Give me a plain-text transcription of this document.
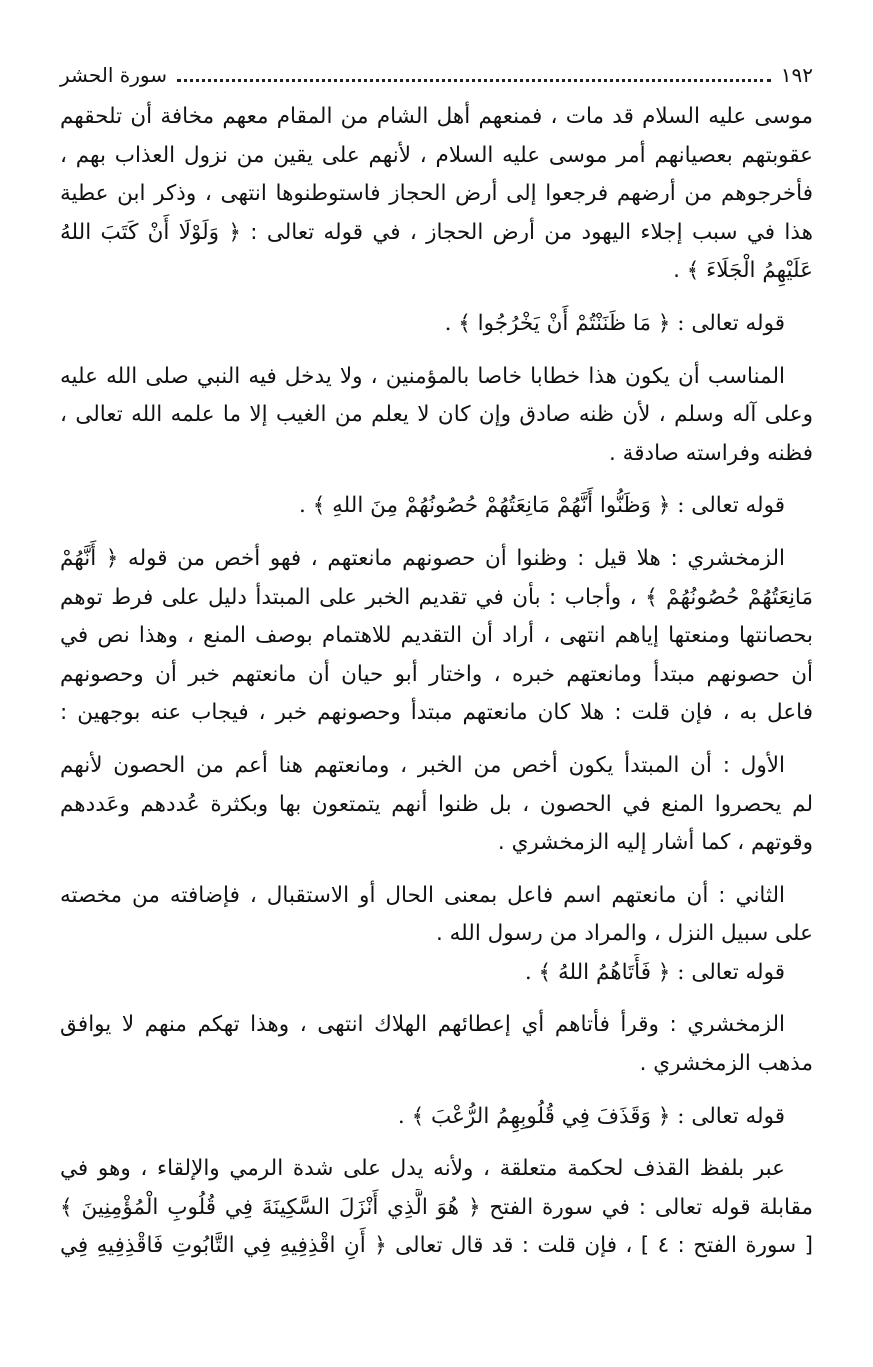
١٩٢
سورة الحشر
موسى عليه السلام قد مات ، فمنعهم أهل الشام من المقام معهم مخافة أن تلحقهم
عقوبتهم بعصيانهم أمر موسى عليه السلام ، لأنهم على يقين من نزول العذاب بهم ،
فأخرجوهم من أرضهم فرجعوا إلى أرض الحجاز فاستوطنوها انتهى ، وذكر ابن عطية
هذا في سبب إجلاء اليهود من أرض الحجاز ، في قوله تعالى : ﴿ وَلَوْلَا أَنْ كَتَبَ اللهُ
عَلَيْهِمُ الْجَلَاءَ ﴾ .
قوله تعالى : ﴿ مَا ظَنَنْتُمْ أَنْ يَخْرُجُوا ﴾ .
المناسب أن يكون هذا خطابا خاصا بالمؤمنين ، ولا يدخل فيه النبي صلى الله عليه
وعلى آله وسلم ، لأن ظنه صادق وإن كان لا يعلم من الغيب إلا ما علمه الله تعالى ،
فظنه وفراسته صادقة .
قوله تعالى : ﴿ وَظَنُّوا أَنَّهُمْ مَانِعَتُهُمْ حُصُونُهُمْ مِنَ اللهِ ﴾ .
الزمخشري : هلا قيل : وظنوا أن حصونهم مانعتهم ، فهو أخص من قوله ﴿ أَنَّهُمْ
مَانِعَتُهُمْ حُصُونُهُمْ ﴾ ، وأجاب : بأن في تقديم الخبر على المبتدأ دليل على فرط توهم
بحصانتها ومنعتها إياهم انتهى ، أراد أن التقديم للاهتمام بوصف المنع ، وهذا نص في
أن حصونهم مبتدأ ومانعتهم خبره ، واختار أبو حيان أن مانعتهم خبر أن وحصونهم
فاعل به ، فإن قلت : هلا كان مانعتهم مبتدأ وحصونهم خبر ، فيجاب عنه بوجهين :
الأول : أن المبتدأ يكون أخص من الخبر ، ومانعتهم هنا أعم من الحصون لأنهم
لم يحصروا المنع في الحصون ، بل ظنوا أنهم يتمتعون بها وبكثرة عُددهم وعَددهم
وقوتهم ، كما أشار إليه الزمخشري .
الثاني : أن مانعتهم اسم فاعل بمعنى الحال أو الاستقبال ، فإضافته من مخصته
على سبيل النزل ، والمراد من رسول الله .
قوله تعالى : ﴿ فَأَتَاهُمُ اللهُ ﴾ .
الزمخشري : وقرأ فأتاهم أي إعطائهم الهلاك انتهى ، وهذا تهكم منهم لا يوافق
مذهب الزمخشري .
قوله تعالى : ﴿ وَقَذَفَ فِي قُلُوبِهِمُ الرُّعْبَ ﴾ .
عبر بلفظ القذف لحكمة متعلقة ، ولأنه يدل على شدة الرمي والإلقاء ، وهو في
مقابلة قوله تعالى : في سورة الفتح ﴿ هُوَ الَّذِي أَنْزَلَ السَّكِينَةَ فِي قُلُوبِ الْمُؤْمِنِينَ ﴾
[ سورة الفتح : ٤ ] ، فإن قلت : قد قال تعالى ﴿ أَنِ اقْذِفِيهِ فِي التَّابُوتِ فَاقْذِفِيهِ فِي
